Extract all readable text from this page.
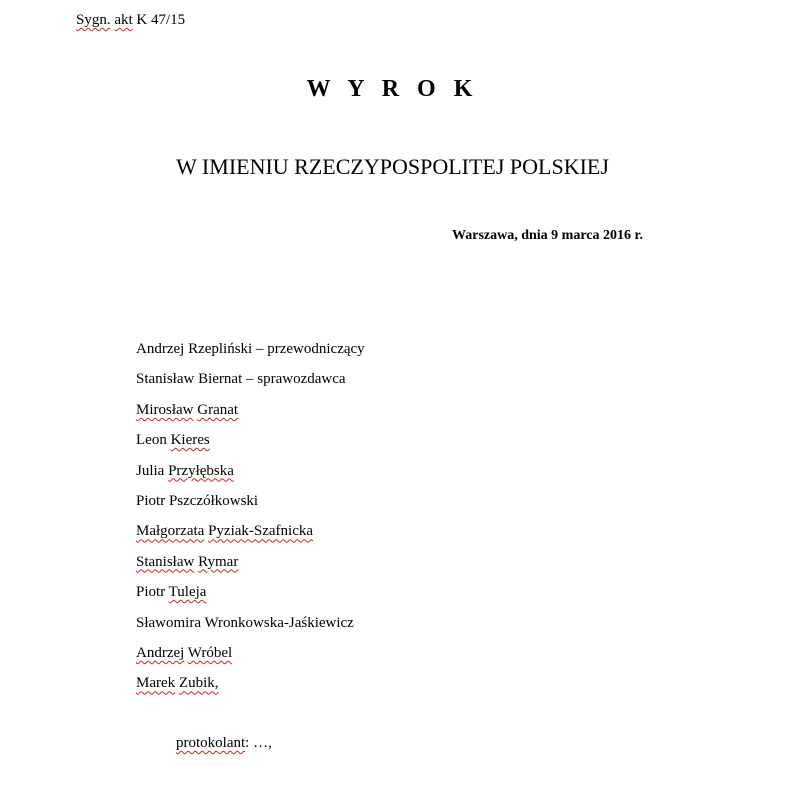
Sygn. akt K 47/15
W Y R O K
W IMIENIU RZECZYPOSPOLITEJ POLSKIEJ
Warszawa, dnia 9 marca 2016 r.
Andrzej Rzepliński – przewodniczący
Stanisław Biernat – sprawozdawca
Mirosław Granat
Leon Kieres
Julia Przyłębska
Piotr Pszczółkowski
Małgorzata Pyziak-Szafnicka
Stanisław Rymar
Piotr Tuleja
Sławomira Wronkowska-Jaśkiewicz
Andrzej Wróbel
Marek Zubik,
protokolant: …,
